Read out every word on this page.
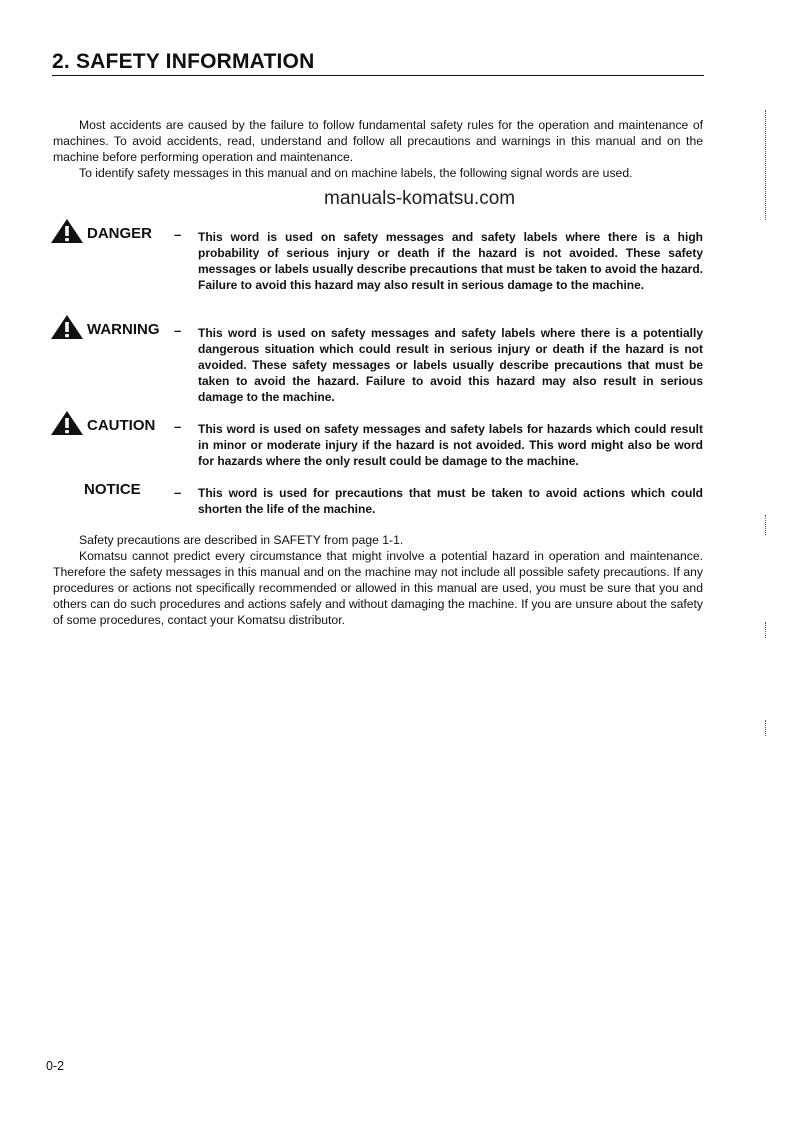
2. SAFETY INFORMATION

Most accidents are caused by the failure to follow fundamental safety rules for the operation and maintenance of machines. To avoid accidents, read, understand and follow all precautions and warnings in this manual and on the machine before performing operation and maintenance.

To identify safety messages in this manual and on machine labels, the following signal words are used.

manuals-komatsu.com
DANGER – This word is used on safety messages and safety labels where there is a high probability of serious injury or death if the hazard is not avoided. These safety messages or labels usually describe precautions that must be taken to avoid the hazard. Failure to avoid this hazard may also result in serious damage to the machine.

WARNING – This word is used on safety messages and safety labels where there is a potentially dangerous situation which could result in serious injury or death if the hazard is not avoided. These safety messages or labels usually describe precautions that must be taken to avoid the hazard. Failure to avoid this hazard may also result in serious damage to the machine.

CAUTION – This word is used on safety messages and safety labels for hazards which could result in minor or moderate injury if the hazard is not avoided. This word might also be word for hazards where the only result could be damage to the machine.

NOTICE	– This word is used for precautions that must be taken to avoid actions which could shorten the life of the machine.

Safety precautions are described in SAFETY from page 1-1.

Komatsu cannot predict every circumstance that might involve a potential hazard in operation and maintenance. Therefore the safety messages in this manual and on the machine may not include all possible safety precautions. If any procedures or actions not specifically recommended or allowed in this manual are used, you must be sure that you and others can do such procedures and actions safely and without damaging the machine. If you are unsure about the safety of some procedures, contact your Komatsu distributor.

0-2
